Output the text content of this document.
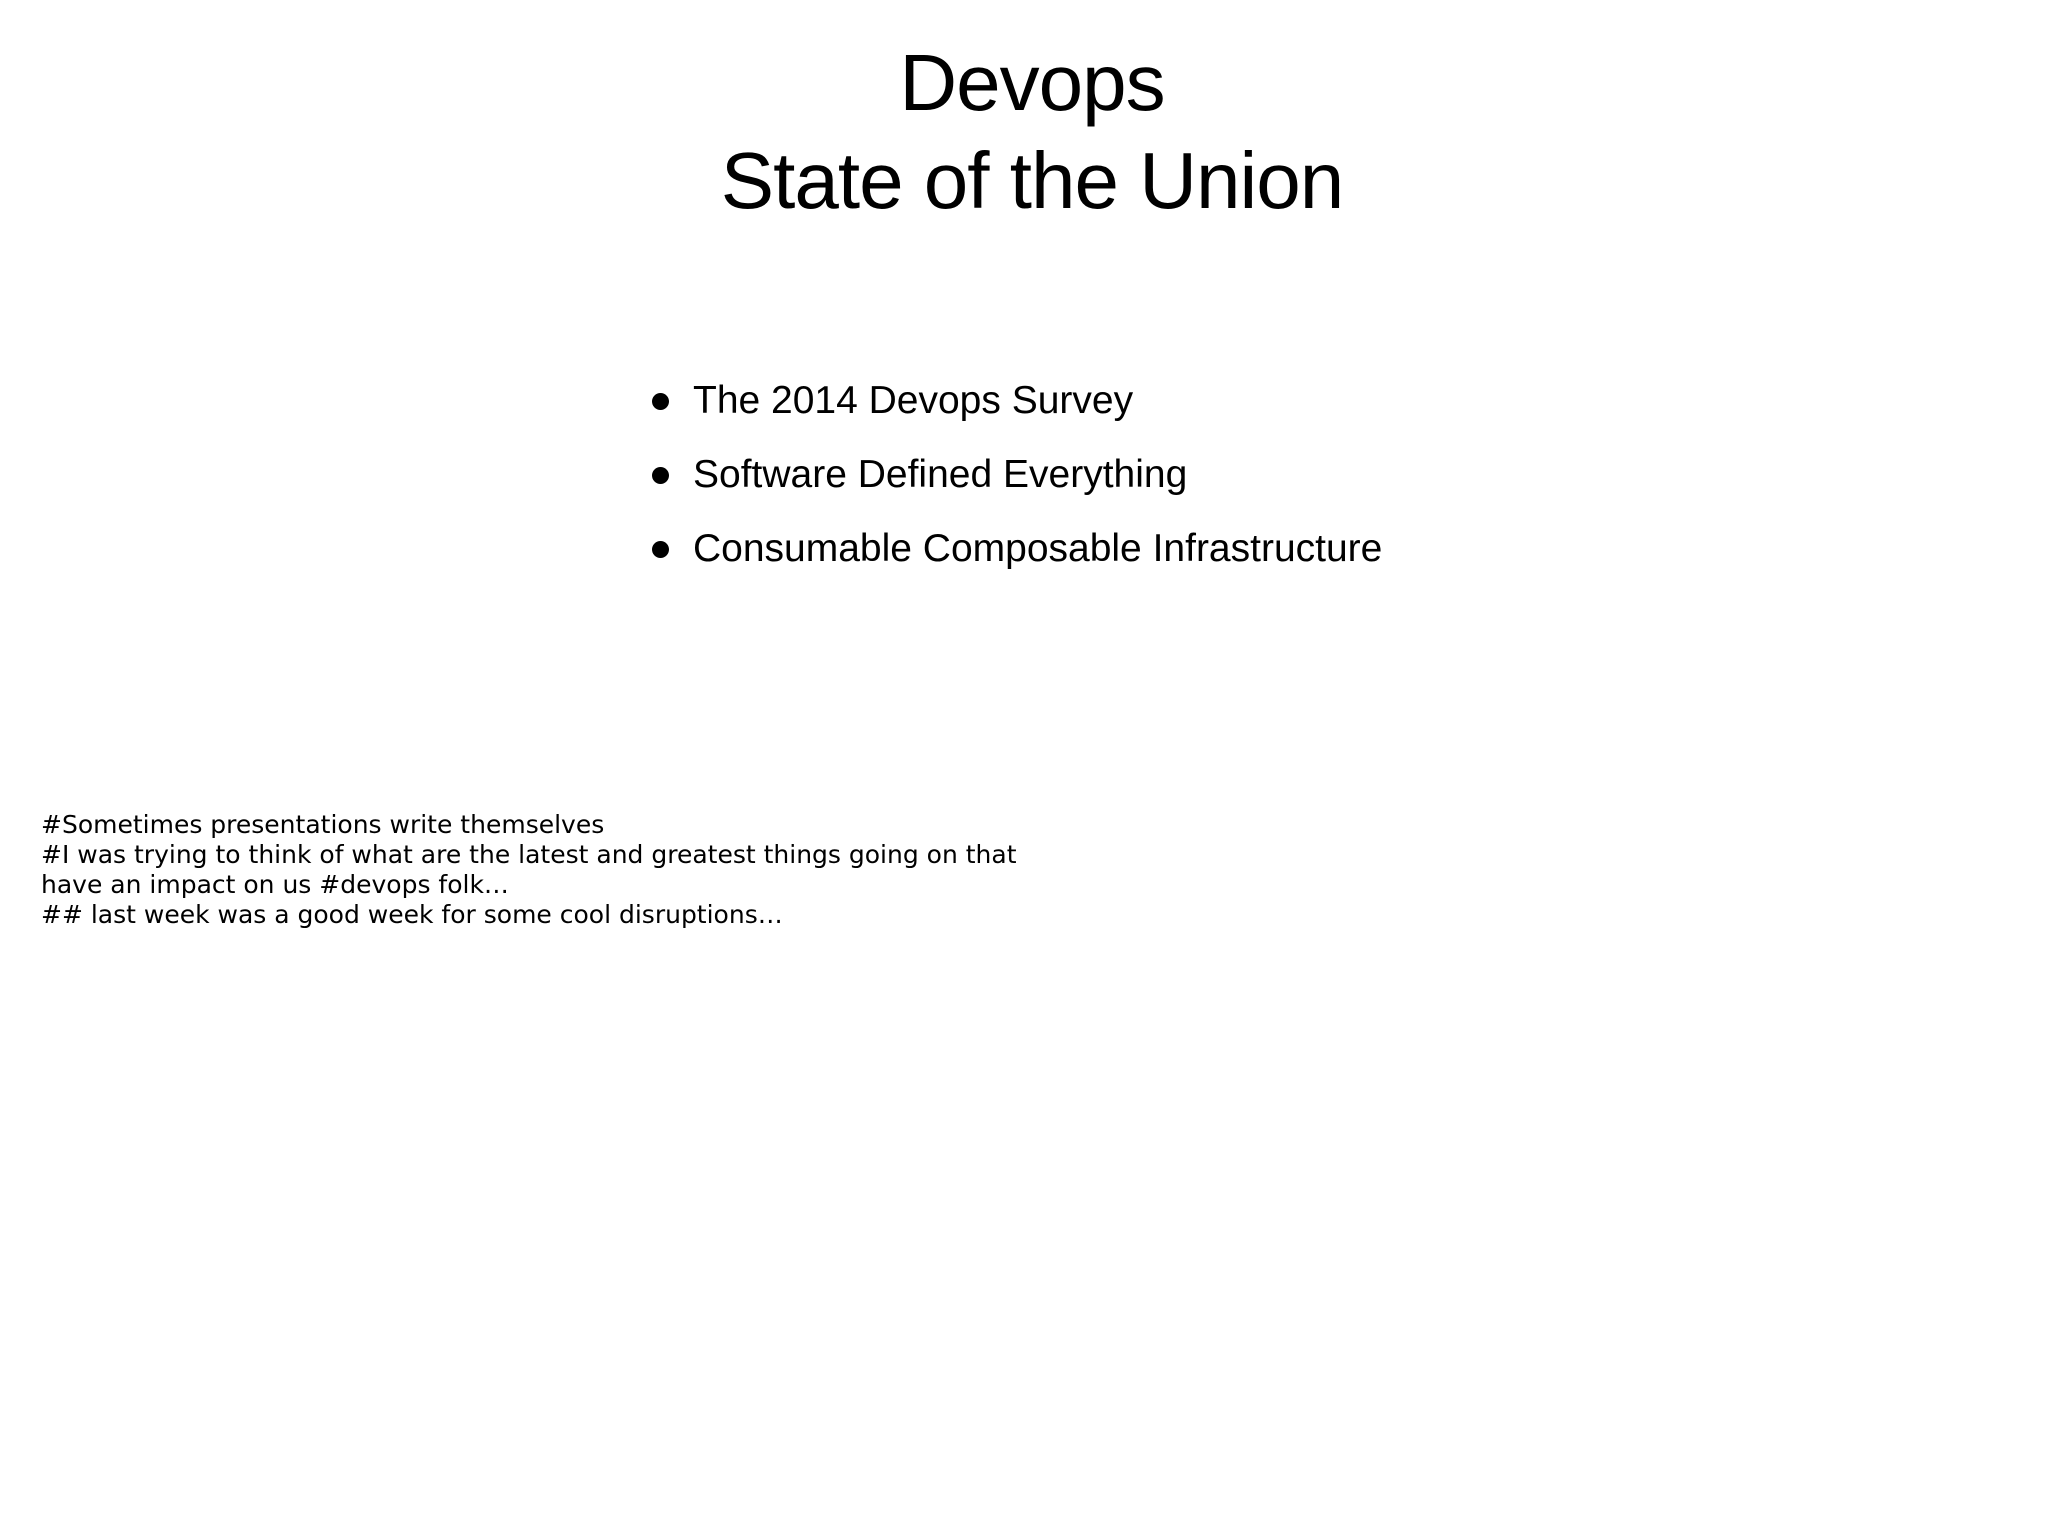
Devops
State of the Union
The 2014 Devops Survey
Software Defined Everything
Consumable Composable Infrastructure
#Sometimes presentations write themselves
#I was trying to think of what are the latest and greatest things going on that
have an impact on us #devops folk…
## last week was a good week for some cool disruptions…
